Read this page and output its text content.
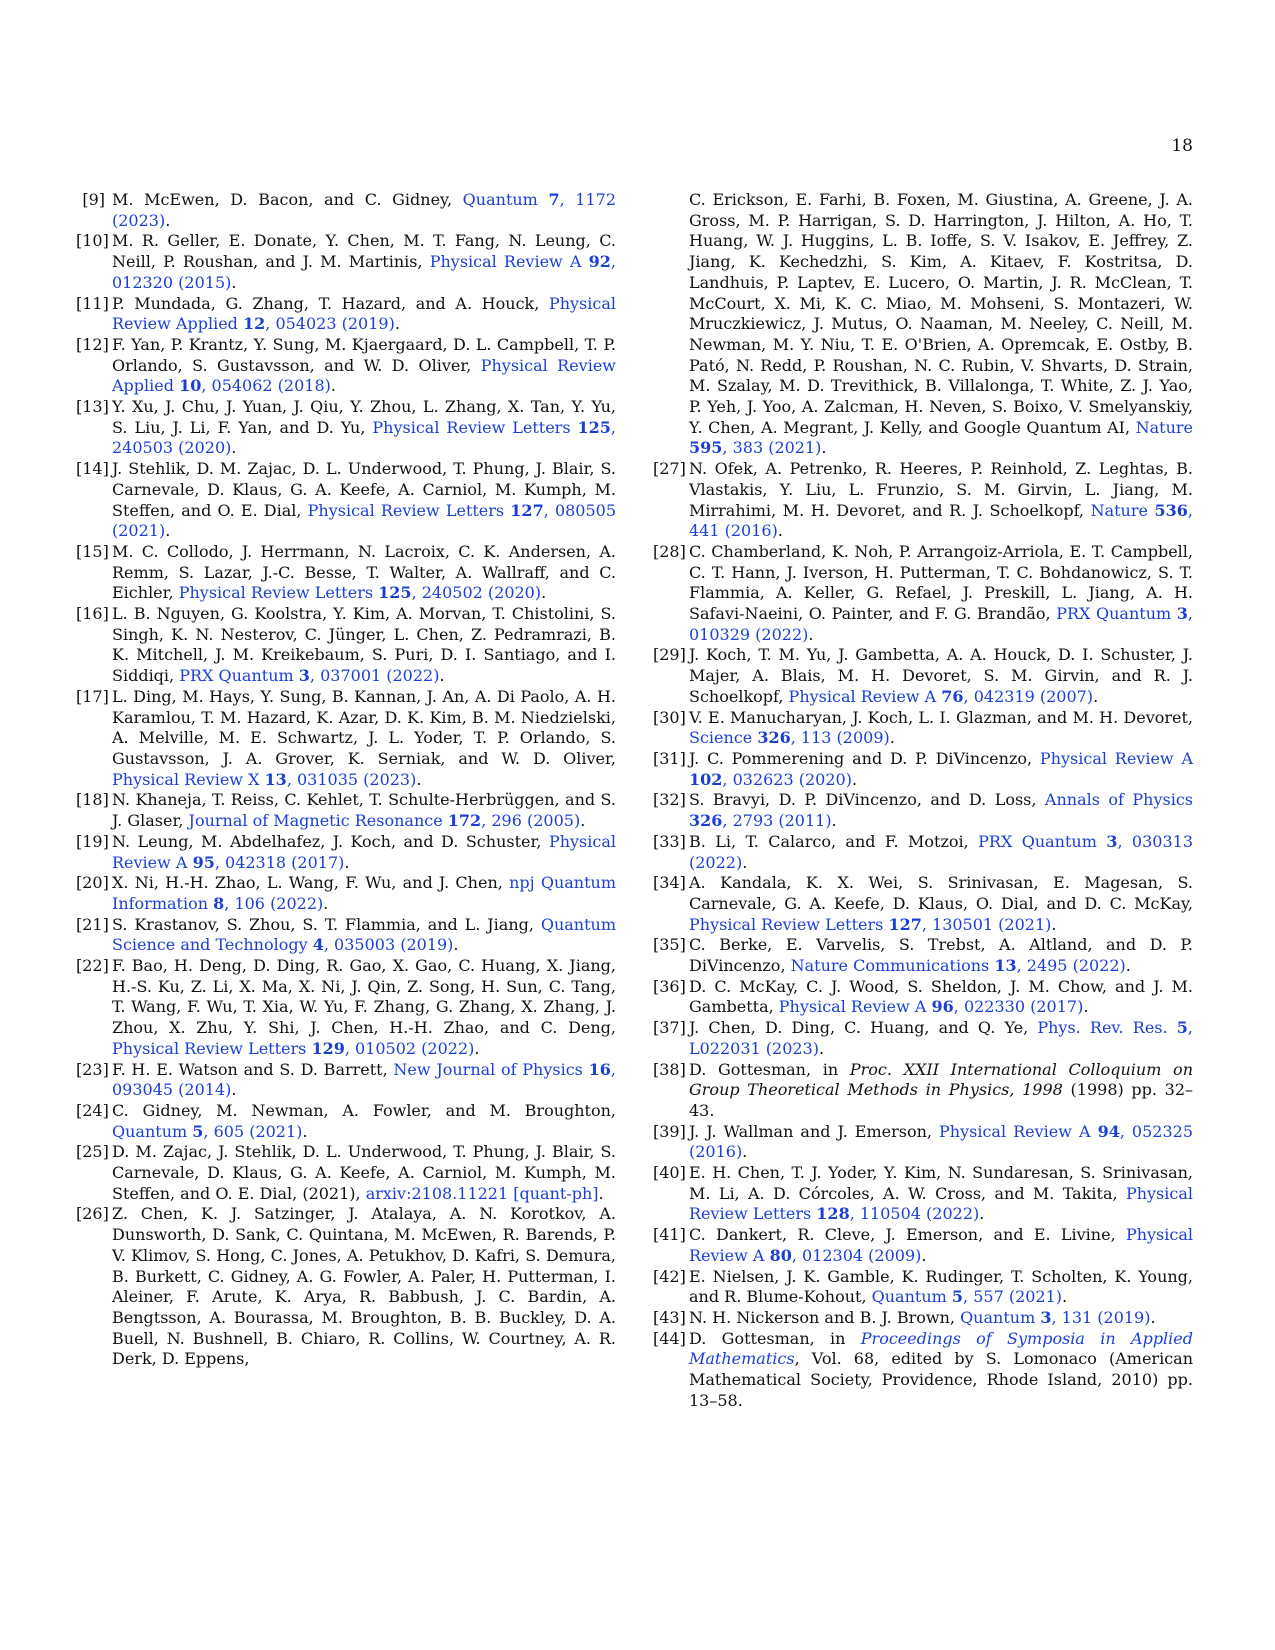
18
[9] M. McEwen, D. Bacon, and C. Gidney, Quantum 7, 1172 (2023).
[10] M. R. Geller, E. Donate, Y. Chen, M. T. Fang, N. Leung, C. Neill, P. Roushan, and J. M. Martinis, Physical Review A 92, 012320 (2015).
[11] P. Mundada, G. Zhang, T. Hazard, and A. Houck, Physical Review Applied 12, 054023 (2019).
[12] F. Yan, P. Krantz, Y. Sung, M. Kjaergaard, D. L. Campbell, T. P. Orlando, S. Gustavsson, and W. D. Oliver, Physical Review Applied 10, 054062 (2018).
[13] Y. Xu, J. Chu, J. Yuan, J. Qiu, Y. Zhou, L. Zhang, X. Tan, Y. Yu, S. Liu, J. Li, F. Yan, and D. Yu, Physical Review Letters 125, 240503 (2020).
[14] J. Stehlik, D. M. Zajac, D. L. Underwood, T. Phung, J. Blair, S. Carnevale, D. Klaus, G. A. Keefe, A. Carniol, M. Kumph, M. Steffen, and O. E. Dial, Physical Review Letters 127, 080505 (2021).
[15] M. C. Collodo, J. Herrmann, N. Lacroix, C. K. Andersen, A. Remm, S. Lazar, J.-C. Besse, T. Walter, A. Wallraff, and C. Eichler, Physical Review Letters 125, 240502 (2020).
[16] L. B. Nguyen, G. Koolstra, Y. Kim, A. Morvan, T. Chistolini, S. Singh, K. N. Nesterov, C. Jünger, L. Chen, Z. Pedramrazi, B. K. Mitchell, J. M. Kreikebaum, S. Puri, D. I. Santiago, and I. Siddiqi, PRX Quantum 3, 037001 (2022).
[17] L. Ding, M. Hays, Y. Sung, B. Kannan, J. An, A. Di Paolo, A. H. Karamlou, T. M. Hazard, K. Azar, D. K. Kim, B. M. Niedzielski, A. Melville, M. E. Schwartz, J. L. Yoder, T. P. Orlando, S. Gustavsson, J. A. Grover, K. Serniak, and W. D. Oliver, Physical Review X 13, 031035 (2023).
[18] N. Khaneja, T. Reiss, C. Kehlet, T. Schulte-Herbrüggen, and S. J. Glaser, Journal of Magnetic Resonance 172, 296 (2005).
[19] N. Leung, M. Abdelhafez, J. Koch, and D. Schuster, Physical Review A 95, 042318 (2017).
[20] X. Ni, H.-H. Zhao, L. Wang, F. Wu, and J. Chen, npj Quantum Information 8, 106 (2022).
[21] S. Krastanov, S. Zhou, S. T. Flammia, and L. Jiang, Quantum Science and Technology 4, 035003 (2019).
[22] F. Bao, H. Deng, D. Ding, R. Gao, X. Gao, C. Huang, X. Jiang, H.-S. Ku, Z. Li, X. Ma, X. Ni, J. Qin, Z. Song, H. Sun, C. Tang, T. Wang, F. Wu, T. Xia, W. Yu, F. Zhang, G. Zhang, X. Zhang, J. Zhou, X. Zhu, Y. Shi, J. Chen, H.-H. Zhao, and C. Deng, Physical Review Letters 129, 010502 (2022).
[23] F. H. E. Watson and S. D. Barrett, New Journal of Physics 16, 093045 (2014).
[24] C. Gidney, M. Newman, A. Fowler, and M. Broughton, Quantum 5, 605 (2021).
[25] D. M. Zajac, J. Stehlik, D. L. Underwood, T. Phung, J. Blair, S. Carnevale, D. Klaus, G. A. Keefe, A. Carniol, M. Kumph, M. Steffen, and O. E. Dial, (2021), arxiv:2108.11221 [quant-ph].
[26] Z. Chen, K. J. Satzinger, J. Atalaya, A. N. Korotkov, A. Dunsworth, D. Sank, C. Quintana, M. McEwen, R. Barends, P. V. Klimov, S. Hong, C. Jones, A. Petukhov, D. Kafri, S. Demura, B. Burkett, C. Gidney, A. G. Fowler, A. Paler, H. Putterman, I. Aleiner, F. Arute, K. Arya, R. Babbush, J. C. Bardin, A. Bengtsson, A. Bourassa, M. Broughton, B. B. Buckley, D. A. Buell, N. Bushnell, B. Chiaro, R. Collins, W. Courtney, A. R. Derk, D. Eppens,
C. Erickson, E. Farhi, B. Foxen, M. Giustina, A. Greene, J. A. Gross, M. P. Harrigan, S. D. Harrington, J. Hilton, A. Ho, T. Huang, W. J. Huggins, L. B. Ioffe, S. V. Isakov, E. Jeffrey, Z. Jiang, K. Kechedzhi, S. Kim, A. Kitaev, F. Kostritsa, D. Landhuis, P. Laptev, E. Lucero, O. Martin, J. R. McClean, T. McCourt, X. Mi, K. C. Miao, M. Mohseni, S. Montazeri, W. Mruczkiewicz, J. Mutus, O. Naaman, M. Neeley, C. Neill, M. Newman, M. Y. Niu, T. E. O'Brien, A. Opremcak, E. Ostby, B. Pató, N. Redd, P. Roushan, N. C. Rubin, V. Shvarts, D. Strain, M. Szalay, M. D. Trevithick, B. Villalonga, T. White, Z. J. Yao, P. Yeh, J. Yoo, A. Zalcman, H. Neven, S. Boixo, V. Smelyanskiy, Y. Chen, A. Megrant, J. Kelly, and Google Quantum AI, Nature 595, 383 (2021).
[27] N. Ofek, A. Petrenko, R. Heeres, P. Reinhold, Z. Leghtas, B. Vlastakis, Y. Liu, L. Frunzio, S. M. Girvin, L. Jiang, M. Mirrahimi, M. H. Devoret, and R. J. Schoelkopf, Nature 536, 441 (2016).
[28] C. Chamberland, K. Noh, P. Arrangoiz-Arriola, E. T. Campbell, C. T. Hann, J. Iverson, H. Putterman, T. C. Bohdanowicz, S. T. Flammia, A. Keller, G. Refael, J. Preskill, L. Jiang, A. H. Safavi-Naeini, O. Painter, and F. G. Brandão, PRX Quantum 3, 010329 (2022).
[29] J. Koch, T. M. Yu, J. Gambetta, A. A. Houck, D. I. Schuster, J. Majer, A. Blais, M. H. Devoret, S. M. Girvin, and R. J. Schoelkopf, Physical Review A 76, 042319 (2007).
[30] V. E. Manucharyan, J. Koch, L. I. Glazman, and M. H. Devoret, Science 326, 113 (2009).
[31] J. C. Pommerening and D. P. DiVincenzo, Physical Review A 102, 032623 (2020).
[32] S. Bravyi, D. P. DiVincenzo, and D. Loss, Annals of Physics 326, 2793 (2011).
[33] B. Li, T. Calarco, and F. Motzoi, PRX Quantum 3, 030313 (2022).
[34] A. Kandala, K. X. Wei, S. Srinivasan, E. Magesan, S. Carnevale, G. A. Keefe, D. Klaus, O. Dial, and D. C. McKay, Physical Review Letters 127, 130501 (2021).
[35] C. Berke, E. Varvelis, S. Trebst, A. Altland, and D. P. DiVincenzo, Nature Communications 13, 2495 (2022).
[36] D. C. McKay, C. J. Wood, S. Sheldon, J. M. Chow, and J. M. Gambetta, Physical Review A 96, 022330 (2017).
[37] J. Chen, D. Ding, C. Huang, and Q. Ye, Phys. Rev. Res. 5, L022031 (2023).
[38] D. Gottesman, in Proc. XXII International Colloquium on Group Theoretical Methods in Physics, 1998 (1998) pp. 32–43.
[39] J. J. Wallman and J. Emerson, Physical Review A 94, 052325 (2016).
[40] E. H. Chen, T. J. Yoder, Y. Kim, N. Sundaresan, S. Srinivasan, M. Li, A. D. Córcoles, A. W. Cross, and M. Takita, Physical Review Letters 128, 110504 (2022).
[41] C. Dankert, R. Cleve, J. Emerson, and E. Livine, Physical Review A 80, 012304 (2009).
[42] E. Nielsen, J. K. Gamble, K. Rudinger, T. Scholten, K. Young, and R. Blume-Kohout, Quantum 5, 557 (2021).
[43] N. H. Nickerson and B. J. Brown, Quantum 3, 131 (2019).
[44] D. Gottesman, in Proceedings of Symposia in Applied Mathematics, Vol. 68, edited by S. Lomonaco (American Mathematical Society, Providence, Rhode Island, 2010) pp. 13–58.
